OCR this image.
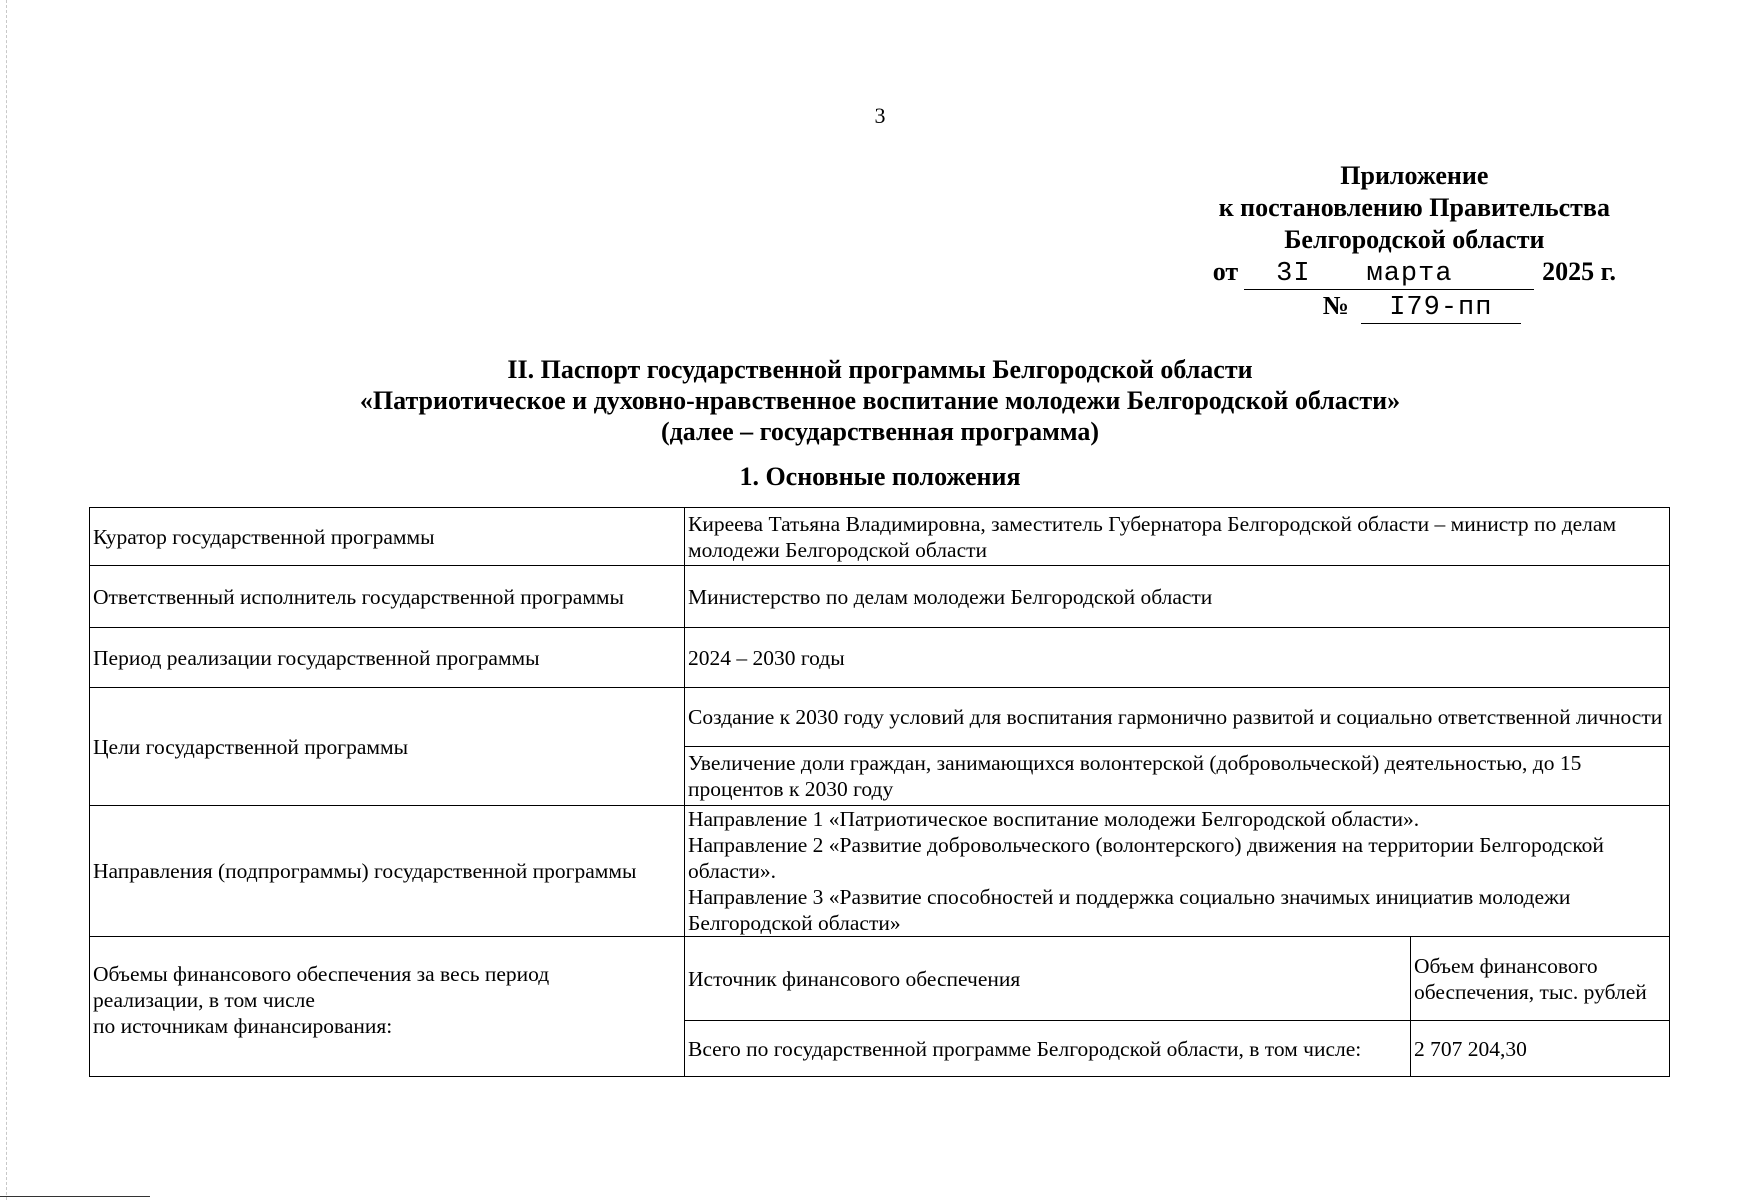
3
Приложение
к постановлению Правительства
Белгородской области
от	3I марта	2025 г.
№	I79-пп
II. Паспорт государственной программы Белгородской области
«Патриотическое и духовно-нравственное воспитание молодежи Белгородской области»
(далее – государственная программа)
1. Основные положения
Куратор государственной программы	Киреева Татьяна Владимировна, заместитель Губернатора Белгородской области – министр по делам молодежи Белгородской области	
Ответственный исполнитель государственной программы	Министерство по делам молодежи Белгородской области	
Период реализации государственной программы	2024 – 2030 годы	
Цели государственной программы	Создание к 2030 году условий для воспитания гармонично развитой и социально ответственной личности	
	Увеличение доли граждан, занимающихся волонтерской (добровольческой) деятельностью, до 15 процентов к 2030 году	
Направления (подпрограммы) государственной программы	Направление 1 «Патриотическое воспитание молодежи Белгородской области».
Направление 2 «Развитие добровольческого (волонтерского) движения на территории Белгородской области».
Направление 3 «Развитие способностей и поддержка социально значимых инициатив молодежи Белгородской области»	

Объемы финансового обеспечения за весь период
реализации, в том числе
по источникам финансирования:	Источник финансового обеспечения	Объем финансового обеспечения, тыс. рублей
	Всего по государственной программе Белгородской области, в том числе:	2 707 204,30
